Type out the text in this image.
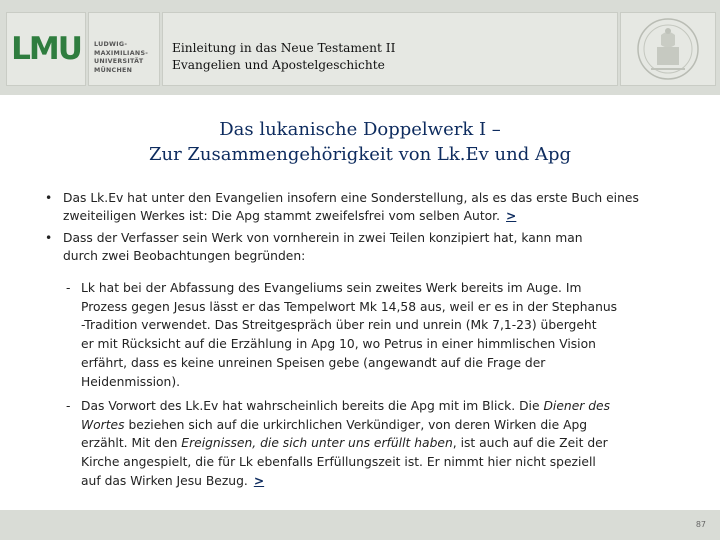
LMU	LUDWIG-
MAXIMILIANS-
UNIVERSITÄT
MÜNCHEN
Einleitung in das Neue Testament II
Evangelien und Apostelgeschichte
Das lukanische Doppelwerk I –
Zur Zusammengehörigkeit von Lk.Ev und Apg
• Das Lk.Ev hat unter den Evangelien insofern eine Sonderstellung, als es das erste Buch eines
zweiteiligen Werkes ist: Die Apg stammt zweifelsfrei vom selben Autor. >
• Dass der Verfasser sein Werk von vornherein in zwei Teilen konzipiert hat, kann man
durch zwei Beobachtungen begründen:
- Lk hat bei der Abfassung des Evangeliums sein zweites Werk bereits im Auge. Im
Prozess gegen Jesus lässt er das Tempelwort Mk 14,58 aus, weil er es in der Stephanus
-Tradition verwendet. Das Streitgespräch über rein und unrein (Mk 7,1-23) übergeht
er mit Rücksicht auf die Erzählung in Apg 10, wo Petrus in einer himmlischen Vision
erfährt, dass es keine unreinen Speisen gebe (angewandt auf die Frage der
Heidenmission).
- Das Vorwort des Lk.Ev hat wahrscheinlich bereits die Apg mit im Blick. Die Diener des
Wortes beziehen sich auf die urkirchlichen Verkündiger, von deren Wirken die Apg
erzählt. Mit den Ereignissen, die sich unter uns erfüllt haben, ist auch auf die Zeit der
Kirche angespielt, die für Lk ebenfalls Erfüllungszeit ist. Er nimmt hier nicht speziell
auf das Wirken Jesu Bezug. >
87
